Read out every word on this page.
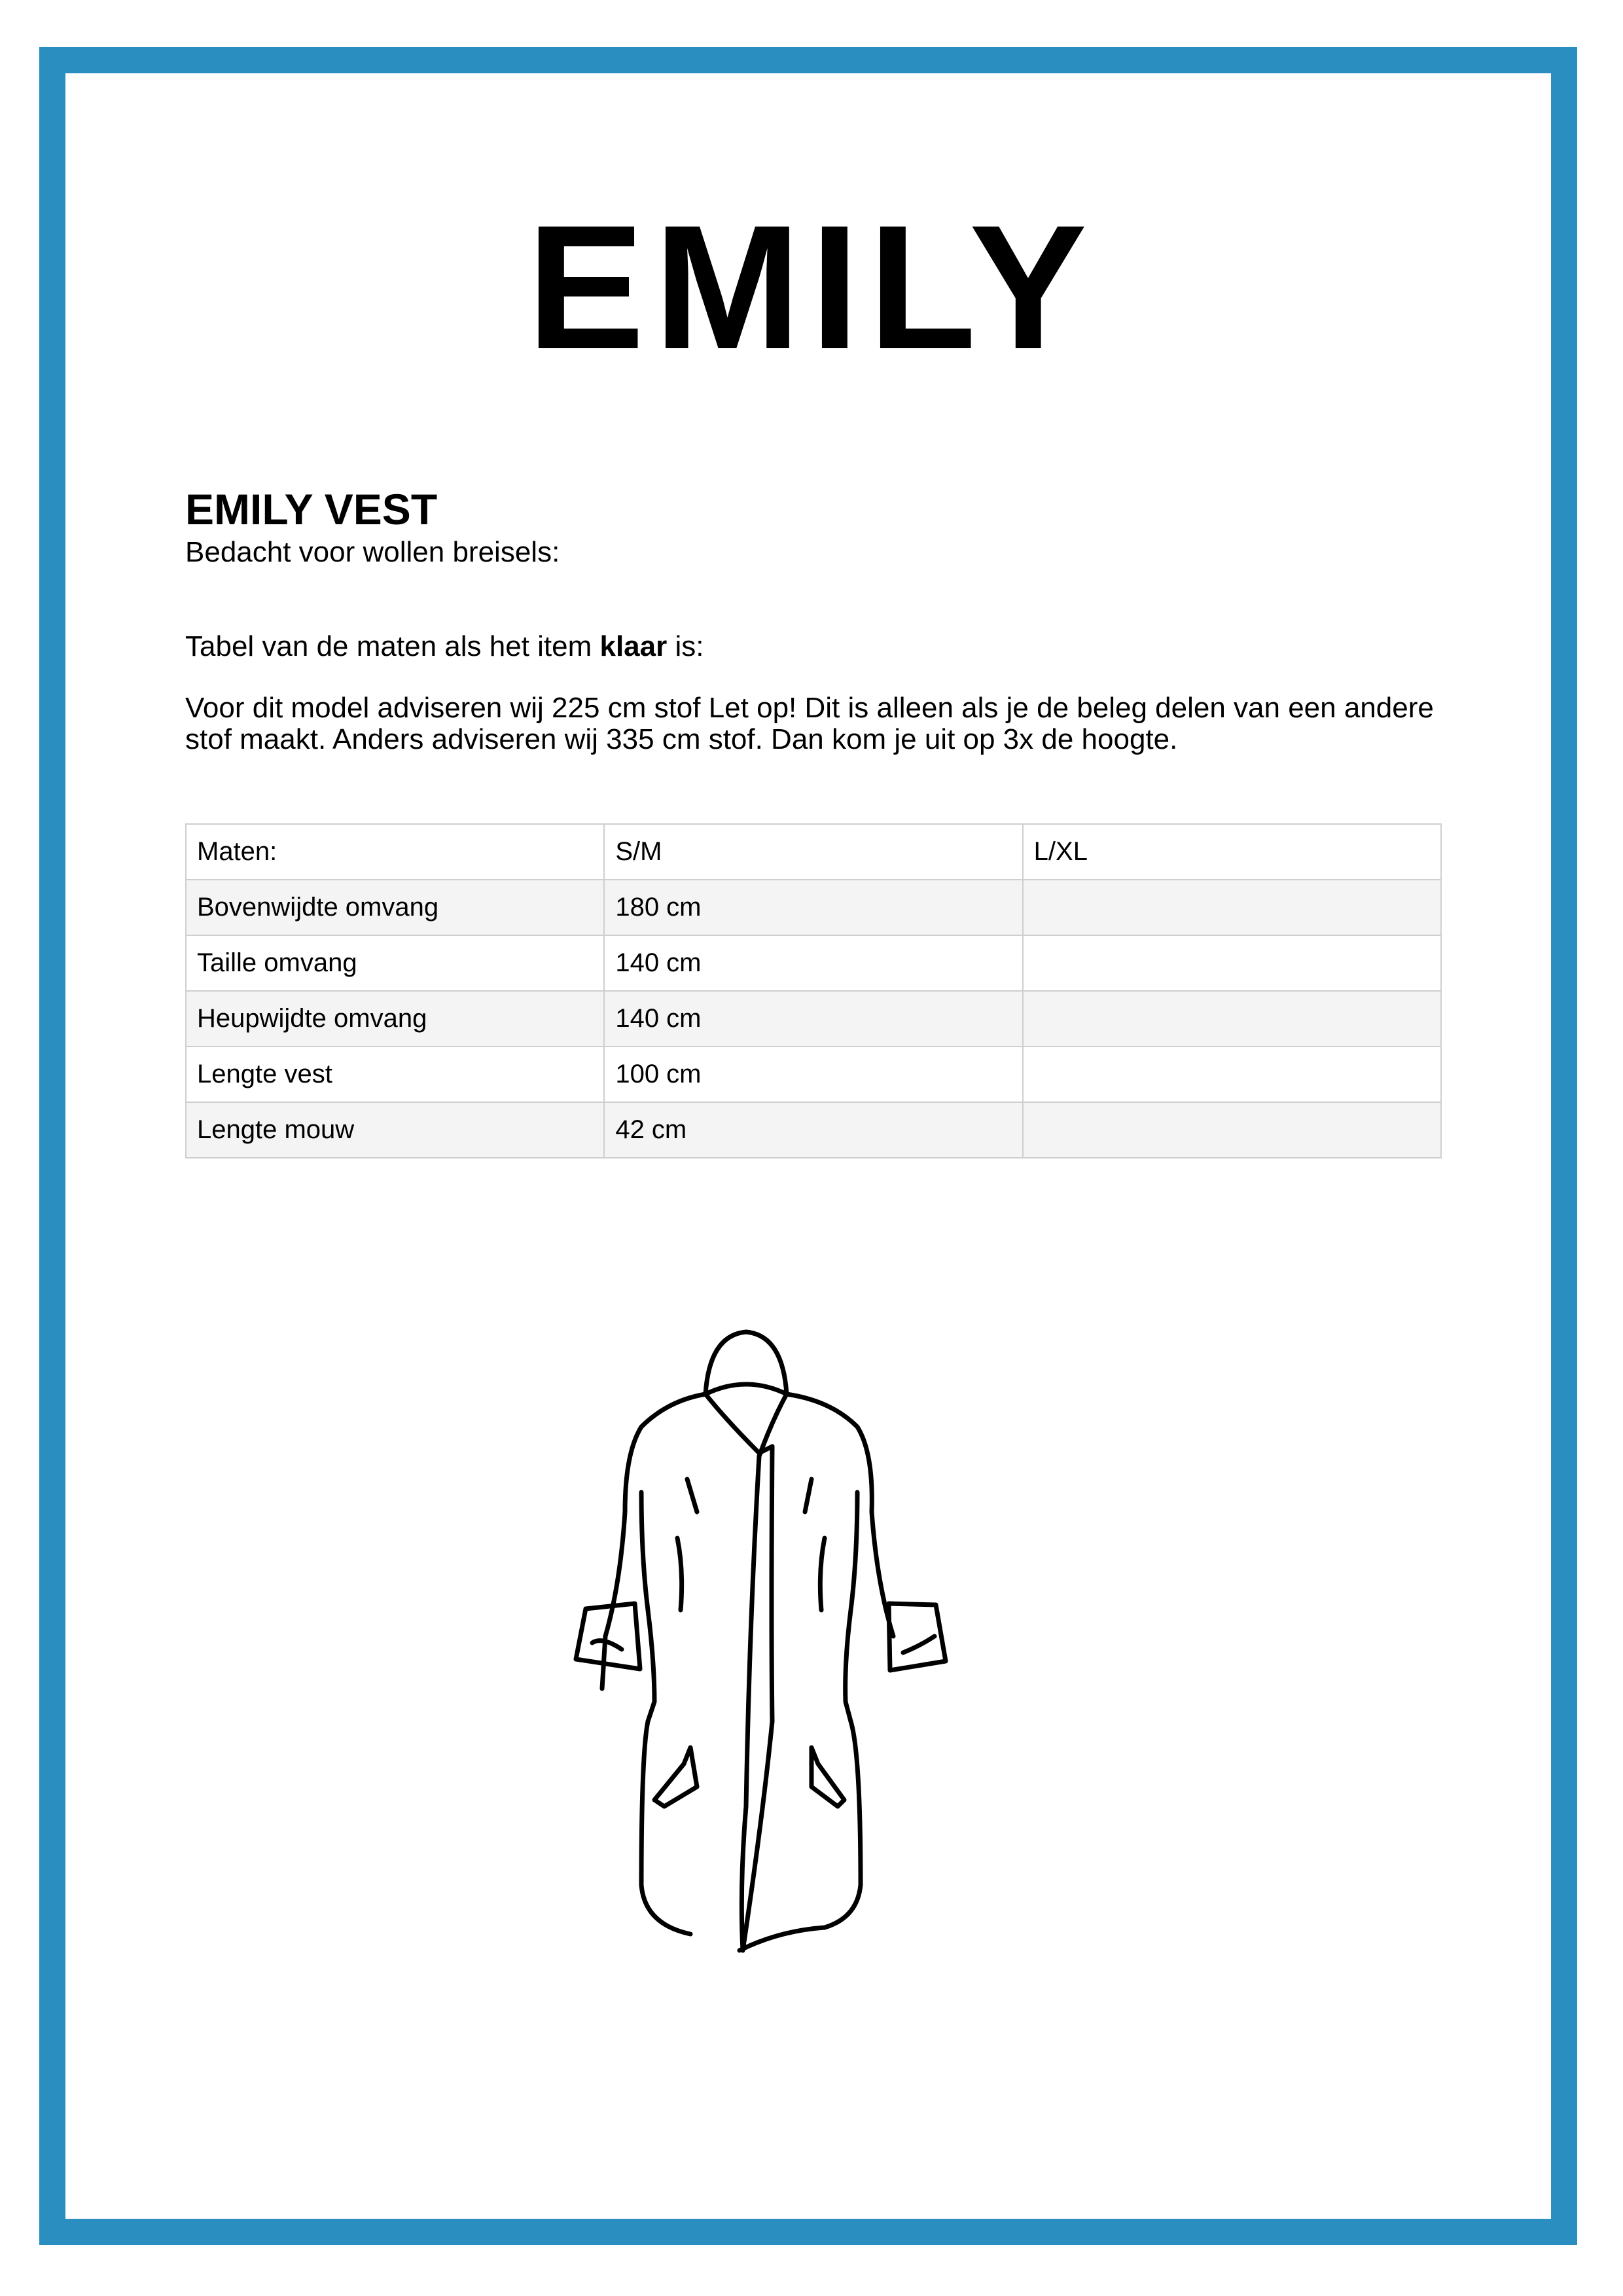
EMILY
EMILY VEST
Bedacht voor wollen breisels:
Tabel van de maten als het item klaar is:
Voor dit model adviseren wij 225 cm stof Let op! Dit is alleen als je de beleg delen van een andere stof maakt. Anders adviseren wij 335 cm stof. Dan kom je uit op 3x de hoogte.
Maten:	S/M	L/XL
Bovenwijdte omvang	180 cm	
Taille omvang	140 cm	
Heupwijdte omvang	140 cm	
Lengte vest	100 cm	
Lengte mouw	42 cm	
